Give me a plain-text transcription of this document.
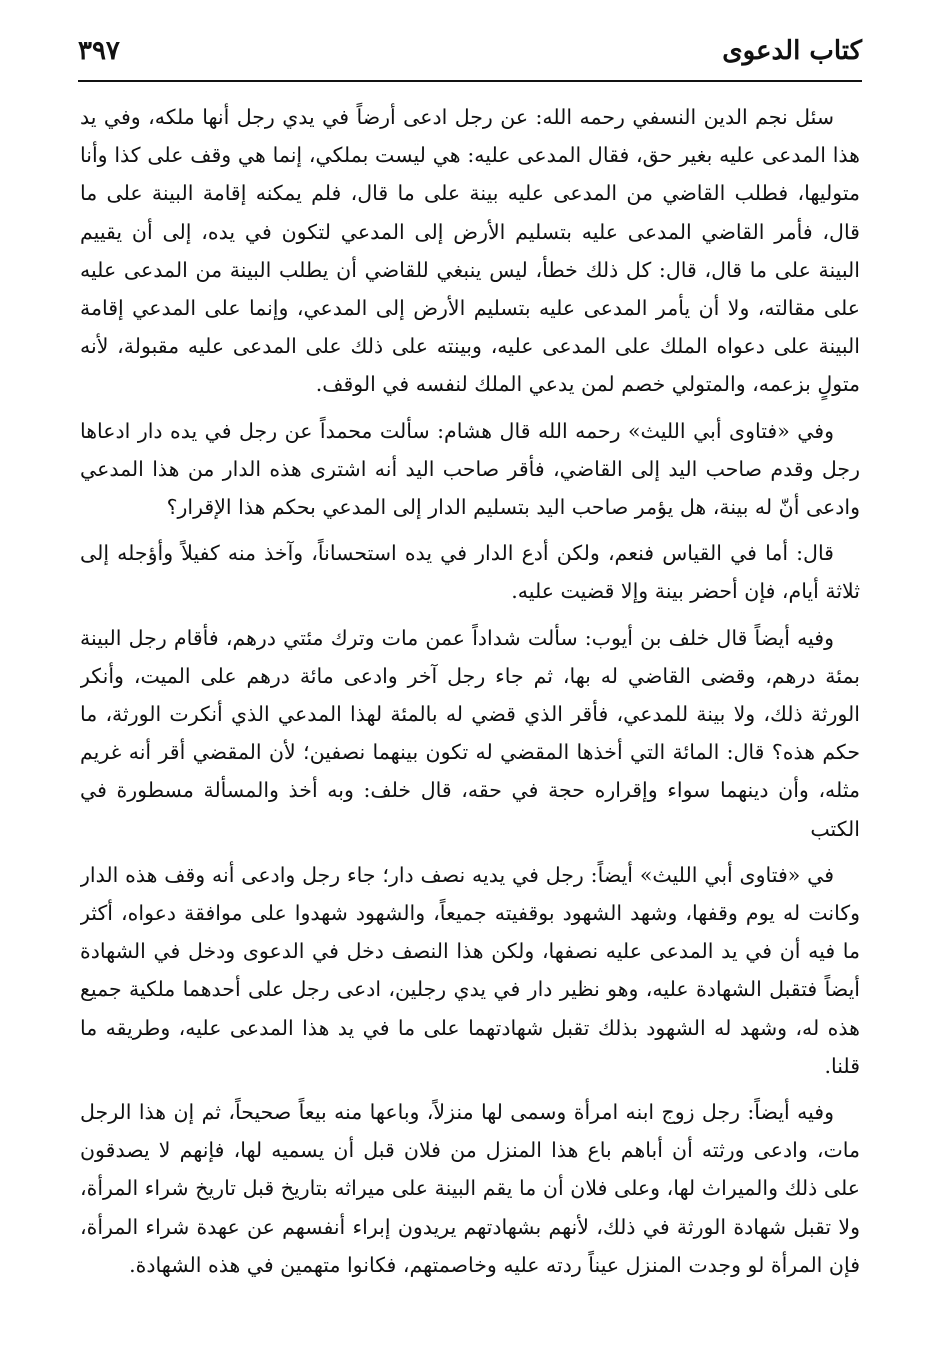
كتاب الدعوى
٣٩٧

سئل نجم الدين النسفي رحمه الله: عن رجل ادعى أرضاً في يدي رجل أنها ملكه، وفي يد هذا المدعى عليه بغير حق، فقال المدعى عليه: هي ليست بملكي، إنما هي وقف على كذا وأنا متوليها، فطلب القاضي من المدعى عليه بينة على ما قال، فلم يمكنه إقامة البينة على ما قال، فأمر القاضي المدعى عليه بتسليم الأرض إلى المدعي لتكون في يده، إلى أن يقييم البينة على ما قال، قال: كل ذلك خطأ، ليس ينبغي للقاضي أن يطلب البينة من المدعى عليه على مقالته، ولا أن يأمر المدعى عليه بتسليم الأرض إلى المدعي، وإنما على المدعي إقامة البينة على دعواه الملك على المدعى عليه، وبينته على ذلك على المدعى عليه مقبولة، لأنه متولٍ بزعمه، والمتولي خصم لمن يدعي الملك لنفسه في الوقف.

وفي «فتاوى أبي الليث» رحمه الله قال هشام: سألت محمداً عن رجل في يده دار ادعاها رجل وقدم صاحب اليد إلى القاضي، فأقر صاحب اليد أنه اشترى هذه الدار من هذا المدعي وادعى أنّ له بينة، هل يؤمر صاحب اليد بتسليم الدار إلى المدعي بحكم هذا الإقرار؟

قال: أما في القياس فنعم، ولكن أدع الدار في يده استحساناً، وآخذ منه كفيلاً وأؤجله إلى ثلاثة أيام، فإن أحضر بينة وإلا قضيت عليه.

وفيه أيضاً قال خلف بن أيوب: سألت شداداً عمن مات وترك مئتي درهم، فأقام رجل البينة بمئة درهم، وقضى القاضي له بها، ثم جاء رجل آخر وادعى مائة درهم على الميت، وأنكر الورثة ذلك، ولا بينة للمدعي، فأقر الذي قضي له بالمئة لهذا المدعي الذي أنكرت الورثة، ما حكم هذه؟ قال: المائة التي أخذها المقضي له تكون بينهما نصفين؛ لأن المقضي أقر أنه غريم مثله، وأن دينهما سواء وإقراره حجة في حقه، قال خلف: وبه أخذ والمسألة مسطورة في الكتب

في «فتاوى أبي الليث» أيضاً: رجل في يديه نصف دار؛ جاء رجل وادعى أنه وقف هذه الدار وكانت له يوم وقفها، وشهد الشهود بوقفيته جميعاً، والشهود شهدوا على موافقة دعواه، أكثر ما فيه أن في يد المدعى عليه نصفها، ولكن هذا النصف دخل في الدعوى ودخل في الشهادة أيضاً فتقبل الشهادة عليه، وهو نظير دار في يدي رجلين، ادعى رجل على أحدهما ملكية جميع هذه له، وشهد له الشهود بذلك تقبل شهادتهما على ما في يد هذا المدعى عليه، وطريقه ما قلنا.

وفيه أيضاً: رجل زوج ابنه امرأة وسمى لها منزلاً، وباعها منه بيعاً صحيحاً، ثم إن هذا الرجل مات، وادعى ورثته أن أباهم باع هذا المنزل من فلان قبل أن يسميه لها، فإنهم لا يصدقون على ذلك والميراث لها، وعلى فلان أن ما يقم البينة على ميراثه بتاريخ قبل تاريخ شراء المرأة، ولا تقبل شهادة الورثة في ذلك، لأنهم بشهادتهم يريدون إبراء أنفسهم عن عهدة شراء المرأة، فإن المرأة لو وجدت المنزل عيناً ردته عليه وخاصمتهم، فكانوا متهمين في هذه الشهادة.
